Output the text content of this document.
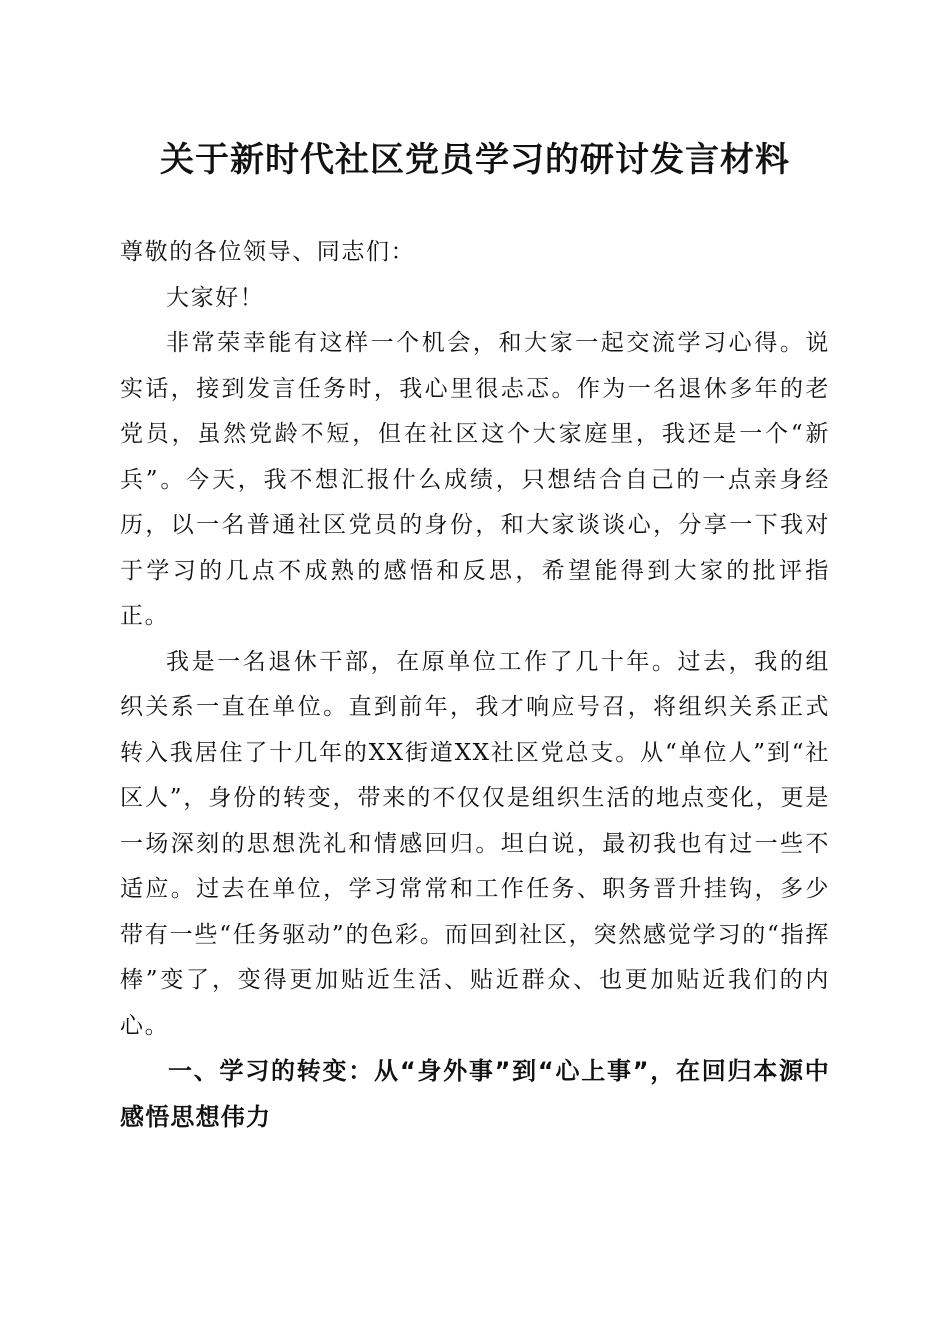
关于新时代社区党员学习的研讨发言材料

尊敬的各位领导、同志们：

大家好！

非常荣幸能有这样一个机会，和大家一起交流学习心得。说实话，接到发言任务时，我心里很忐忑。作为一名退休多年的老党员，虽然党龄不短，但在社区这个大家庭里，我还是一个“新兵”。今天，我不想汇报什么成绩，只想结合自己的一点亲身经历，以一名普通社区党员的身份，和大家谈谈心，分享一下我对于学习的几点不成熟的感悟和反思，希望能得到大家的批评指正。

我是一名退休干部，在原单位工作了几十年。过去，我的组织关系一直在单位。直到前年，我才响应号召，将组织关系正式转入我居住了十几年的XX街道XX社区党总支。从“单位人”到“社区人”，身份的转变，带来的不仅仅是组织生活的地点变化，更是一场深刻的思想洗礼和情感回归。坦白说，最初我也有过一些不适应。过去在单位，学习常常和工作任务、职务晋升挂钩，多少带有一些“任务驱动”的色彩。而回到社区，突然感觉学习的“指挥棒”变了，变得更加贴近生活、贴近群众、也更加贴近我们的内心。

一、学习的转变：从“身外事”到“心上事”，在回归本源中感悟思想伟力
